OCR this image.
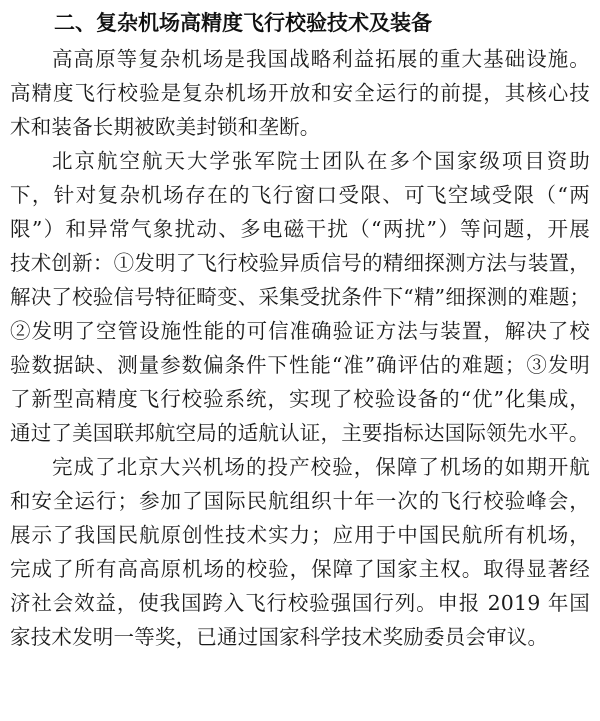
二、复杂机场高精度飞行校验技术及装备
高高原等复杂机场是我国战略利益拓展的重大基础设施。
高精度飞行校验是复杂机场开放和安全运行的前提，其核心技
术和装备长期被欧美封锁和垄断。
北京航空航天大学张军院士团队在多个国家级项目资助
下，针对复杂机场存在的飞行窗口受限、可飞空域受限（“两
限”）和异常气象扰动、多电磁干扰（“两扰”）等问题，开展
技术创新：①发明了飞行校验异质信号的精细探测方法与装置，
解决了校验信号特征畸变、采集受扰条件下“精”细探测的难题；
②发明了空管设施性能的可信准确验证方法与装置，解决了校
验数据缺、测量参数偏条件下性能“准”确评估的难题；③发明
了新型高精度飞行校验系统，实现了校验设备的“优”化集成，
通过了美国联邦航空局的适航认证，主要指标达国际领先水平。
完成了北京大兴机场的投产校验，保障了机场的如期开航
和安全运行；参加了国际民航组织十年一次的飞行校验峰会，
展示了我国民航原创性技术实力；应用于中国民航所有机场，
完成了所有高高原机场的校验，保障了国家主权。取得显著经
济社会效益，使我国跨入飞行校验强国行列。申报 2019 年国
家技术发明一等奖，已通过国家科学技术奖励委员会审议。
